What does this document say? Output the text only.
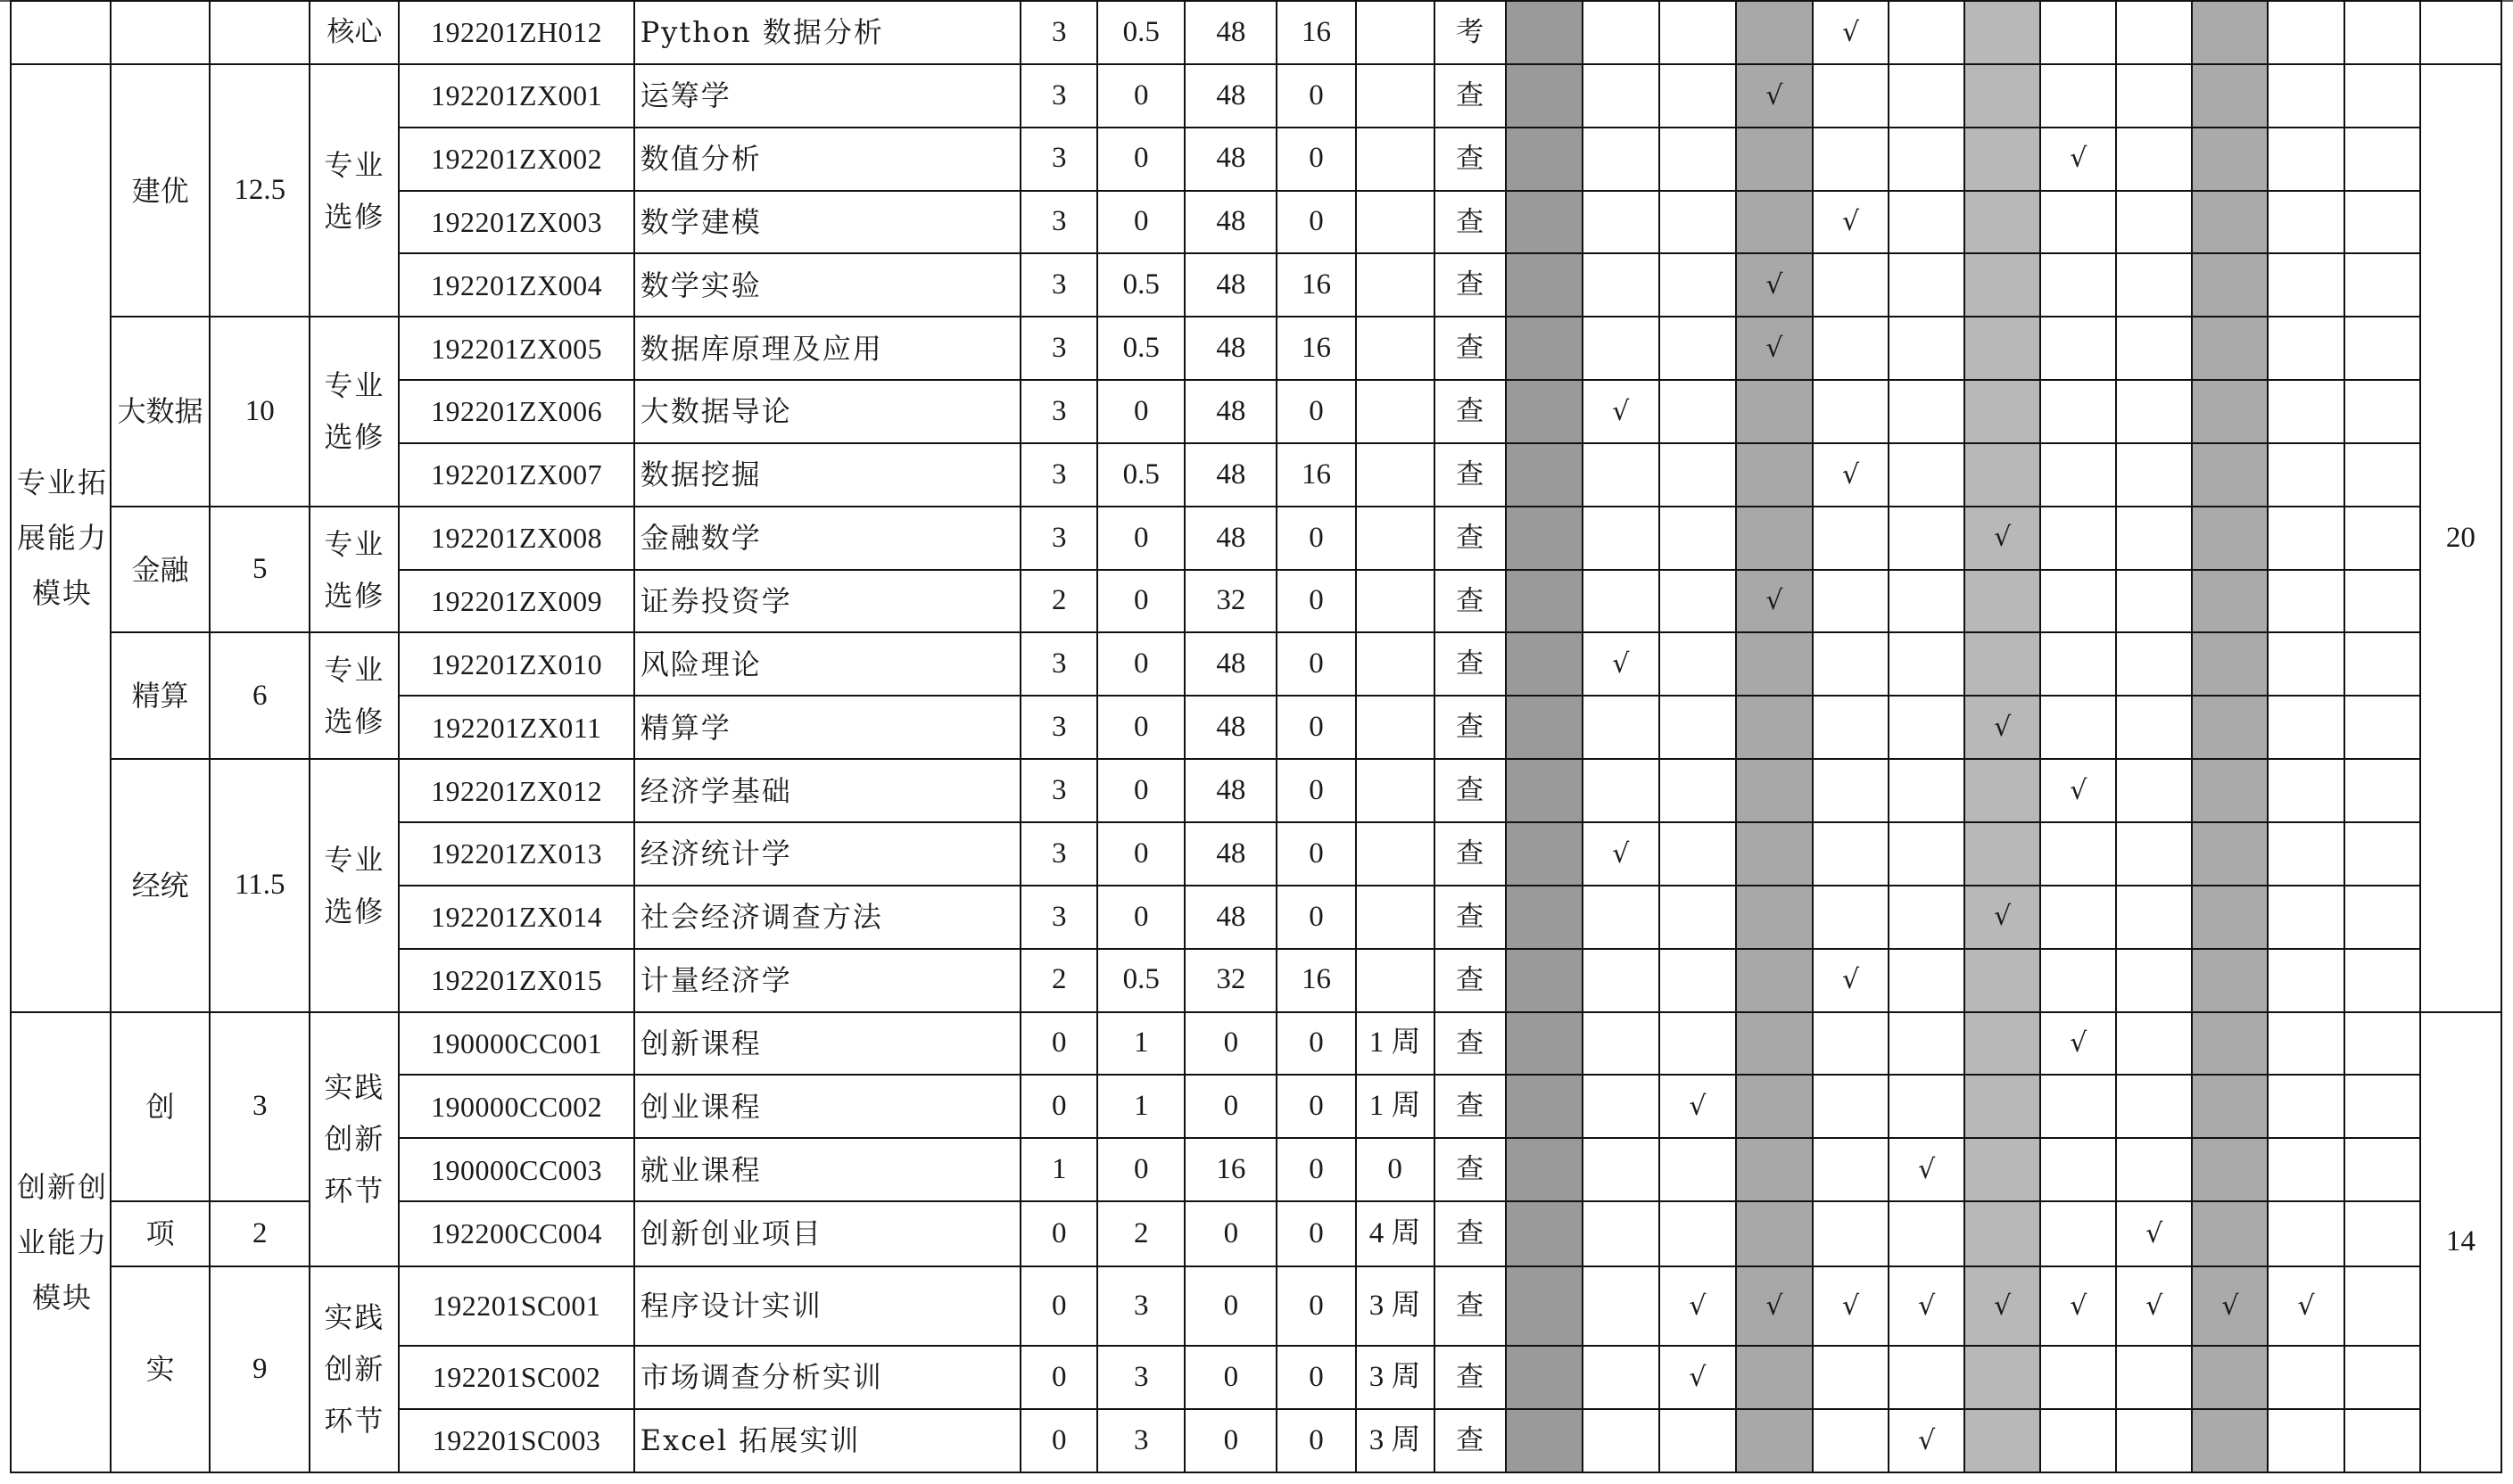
			核心	192201ZH012	Python 数据分析	3	0.5	48	16		考					√								
专业拓展能力模块	建优	12.5	专业选修	192201ZX001	运筹学	3	0	48	0		查				√									20
				192201ZX002	数值分析	3	0	48	0		查								√					
				192201ZX003	数学建模	3	0	48	0		查					√								
				192201ZX004	数学实验	3	0.5	48	16		查				√									
	大数据	10	专业选修	192201ZX005	数据库原理及应用	3	0.5	48	16		查				√									
				192201ZX006	大数据导论	3	0	48	0		查		√											
				192201ZX007	数据挖掘	3	0.5	48	16		查					√								
	金融	5	专业选修	192201ZX008	金融数学	3	0	48	0		查							√						
				192201ZX009	证券投资学	2	0	32	0		查				√									
	精算	6	专业选修	192201ZX010	风险理论	3	0	48	0		查		√											
				192201ZX011	精算学	3	0	48	0		查							√						
	经统	11.5	专业选修	192201ZX012	经济学基础	3	0	48	0		查								√					
				192201ZX013	经济统计学	3	0	48	0		查		√											
				192201ZX014	社会经济调查方法	3	0	48	0		查							√						
				192201ZX015	计量经济学	2	0.5	32	16		查					√								
创新创业能力模块	创	3	实践创新环节	190000CC001	创新课程	0	1	0	0	1 周	查								√					14
				190000CC002	创业课程	0	1	0	0	1 周	查			√										
				190000CC003	就业课程	1	0	16	0	0	查						√							
	项	2		192200CC004	创新创业项目	0	2	0	0	4 周	查									√				
	实	9	实践创新环节	192201SC001	程序设计实训	0	3	0	0	3 周	查			√	√	√	√	√	√	√	√	√		
				192201SC002	市场调查分析实训	0	3	0	0	3 周	查			√										
				192201SC003	Excel 拓展实训	0	3	0	0	3 周	查						√							
